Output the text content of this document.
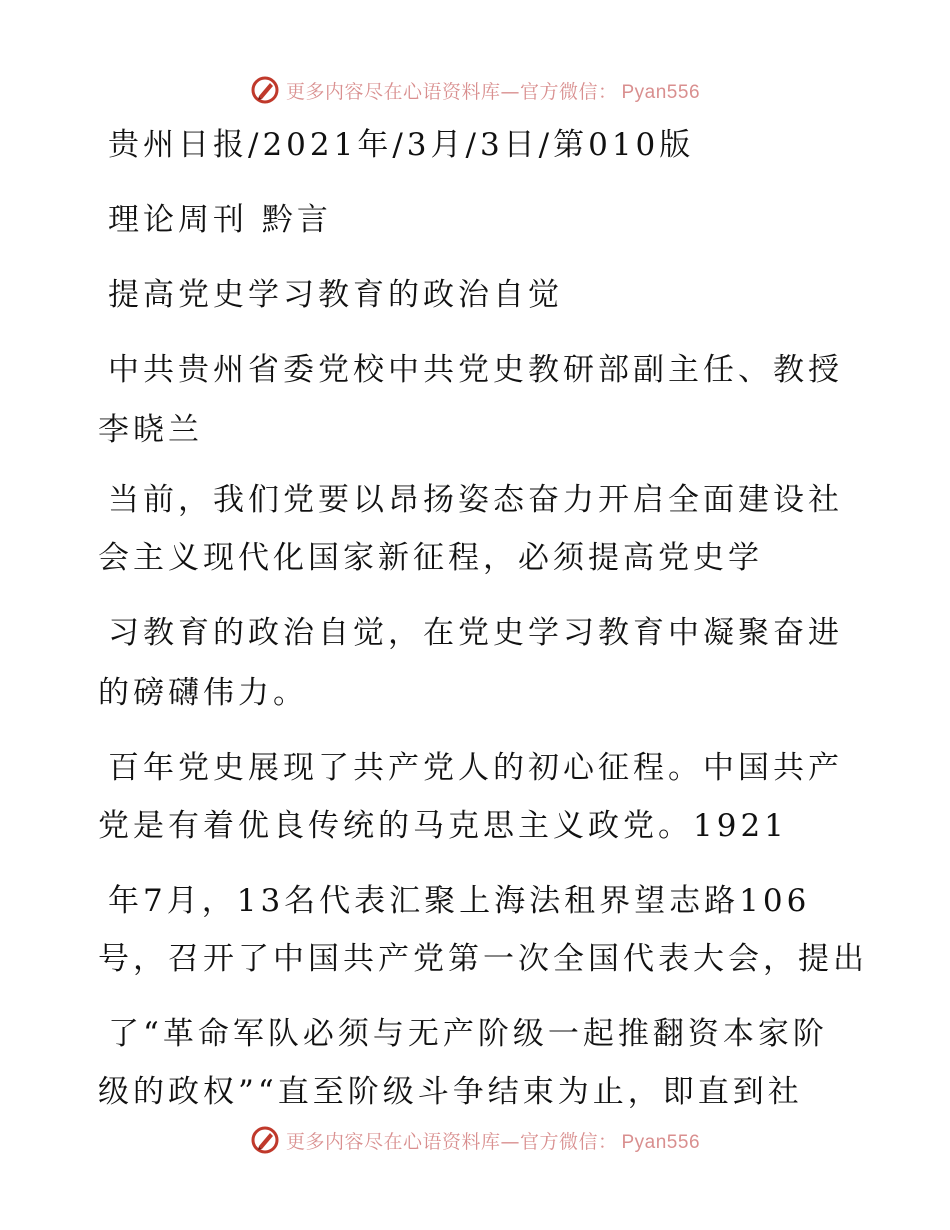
更多内容尽在心语资料库—官方微信： Pyan556
贵州日报/2021年/3月/3日/第010版
理论周刊 黔言
提高党史学习教育的政治自觉
中共贵州省委党校中共党史教研部副主任、教授
李晓兰
当前，我们党要以昂扬姿态奋力开启全面建设社
会主义现代化国家新征程，必须提高党史学
习教育的政治自觉，在党史学习教育中凝聚奋进
的磅礴伟力。
百年党史展现了共产党人的初心征程。中国共产
党是有着优良传统的马克思主义政党。1921
年7月，13名代表汇聚上海法租界望志路106
号，召开了中国共产党第一次全国代表大会，提出
了“革命军队必须与无产阶级一起推翻资本家阶
级的政权”“直至阶级斗争结束为止，即直到社
更多内容尽在心语资料库—官方微信： Pyan556
